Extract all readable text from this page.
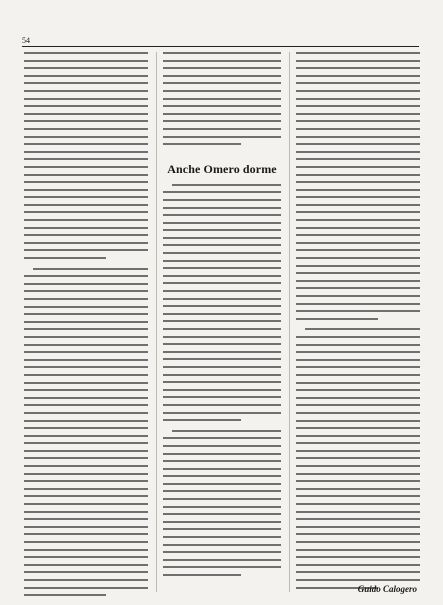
54
Anche Omero dorme
Guido Calogero
